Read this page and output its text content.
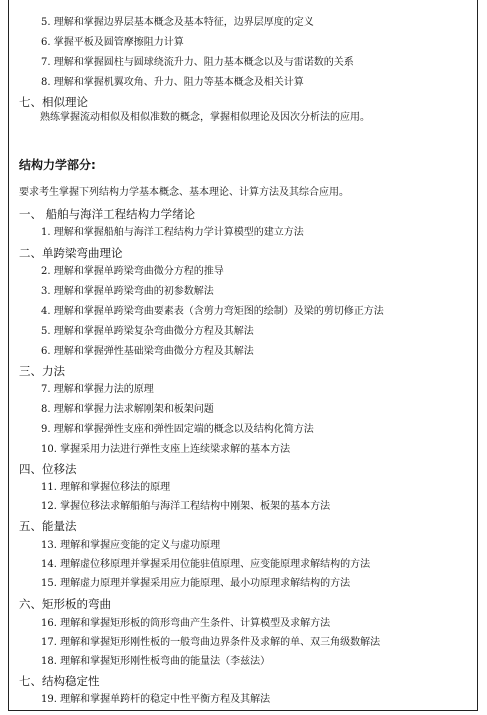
5. 理解和掌握边界层基本概念及基本特征，边界层厚度的定义
6. 掌握平板及圆管摩擦阻力计算
7. 理解和掌握圆柱与圆球绕流升力、阻力基本概念以及与雷诺数的关系
8. 理解和掌握机翼攻角、升力、阻力等基本概念及相关计算
七、相似理论
熟练掌握流动相似及相似准数的概念，掌握相似理论及因次分析法的应用。
结构力学部分:
要求考生掌握下列结构力学基本概念、基本理论、计算方法及其综合应用。
一、 船舶与海洋工程结构力学绪论
1. 理解和掌握船舶与海洋工程结构力学计算模型的建立方法
二、单跨梁弯曲理论
2. 理解和掌握单跨梁弯曲微分方程的推导
3. 理解和掌握单跨梁弯曲的初参数解法
4. 理解和掌握单跨梁弯曲要素表（含剪力弯矩图的绘制）及梁的剪切修正方法
5. 理解和掌握单跨梁复杂弯曲微分方程及其解法
6. 理解和掌握弹性基础梁弯曲微分方程及其解法
三、力法
7. 理解和掌握力法的原理
8. 理解和掌握力法求解刚架和板架问题
9. 理解和掌握弹性支座和弹性固定端的概念以及结构化简方法
10. 掌握采用力法进行弹性支座上连续梁求解的基本方法
四、位移法
11. 理解和掌握位移法的原理
12. 掌握位移法求解船舶与海洋工程结构中刚架、板架的基本方法
五、能量法
13. 理解和掌握应变能的定义与虚功原理
14. 理解虚位移原理并掌握采用位能驻值原理、应变能原理求解结构的方法
15. 理解虚力原理并掌握采用应力能原理、最小功原理求解结构的方法
六、矩形板的弯曲
16. 理解和掌握矩形板的筒形弯曲产生条件、计算模型及求解方法
17. 理解和掌握矩形刚性板的一般弯曲边界条件及求解的单、双三角级数解法
18. 理解和掌握矩形刚性板弯曲的能量法（李兹法）
七、结构稳定性
19. 理解和掌握单跨杆的稳定中性平衡方程及其解法
